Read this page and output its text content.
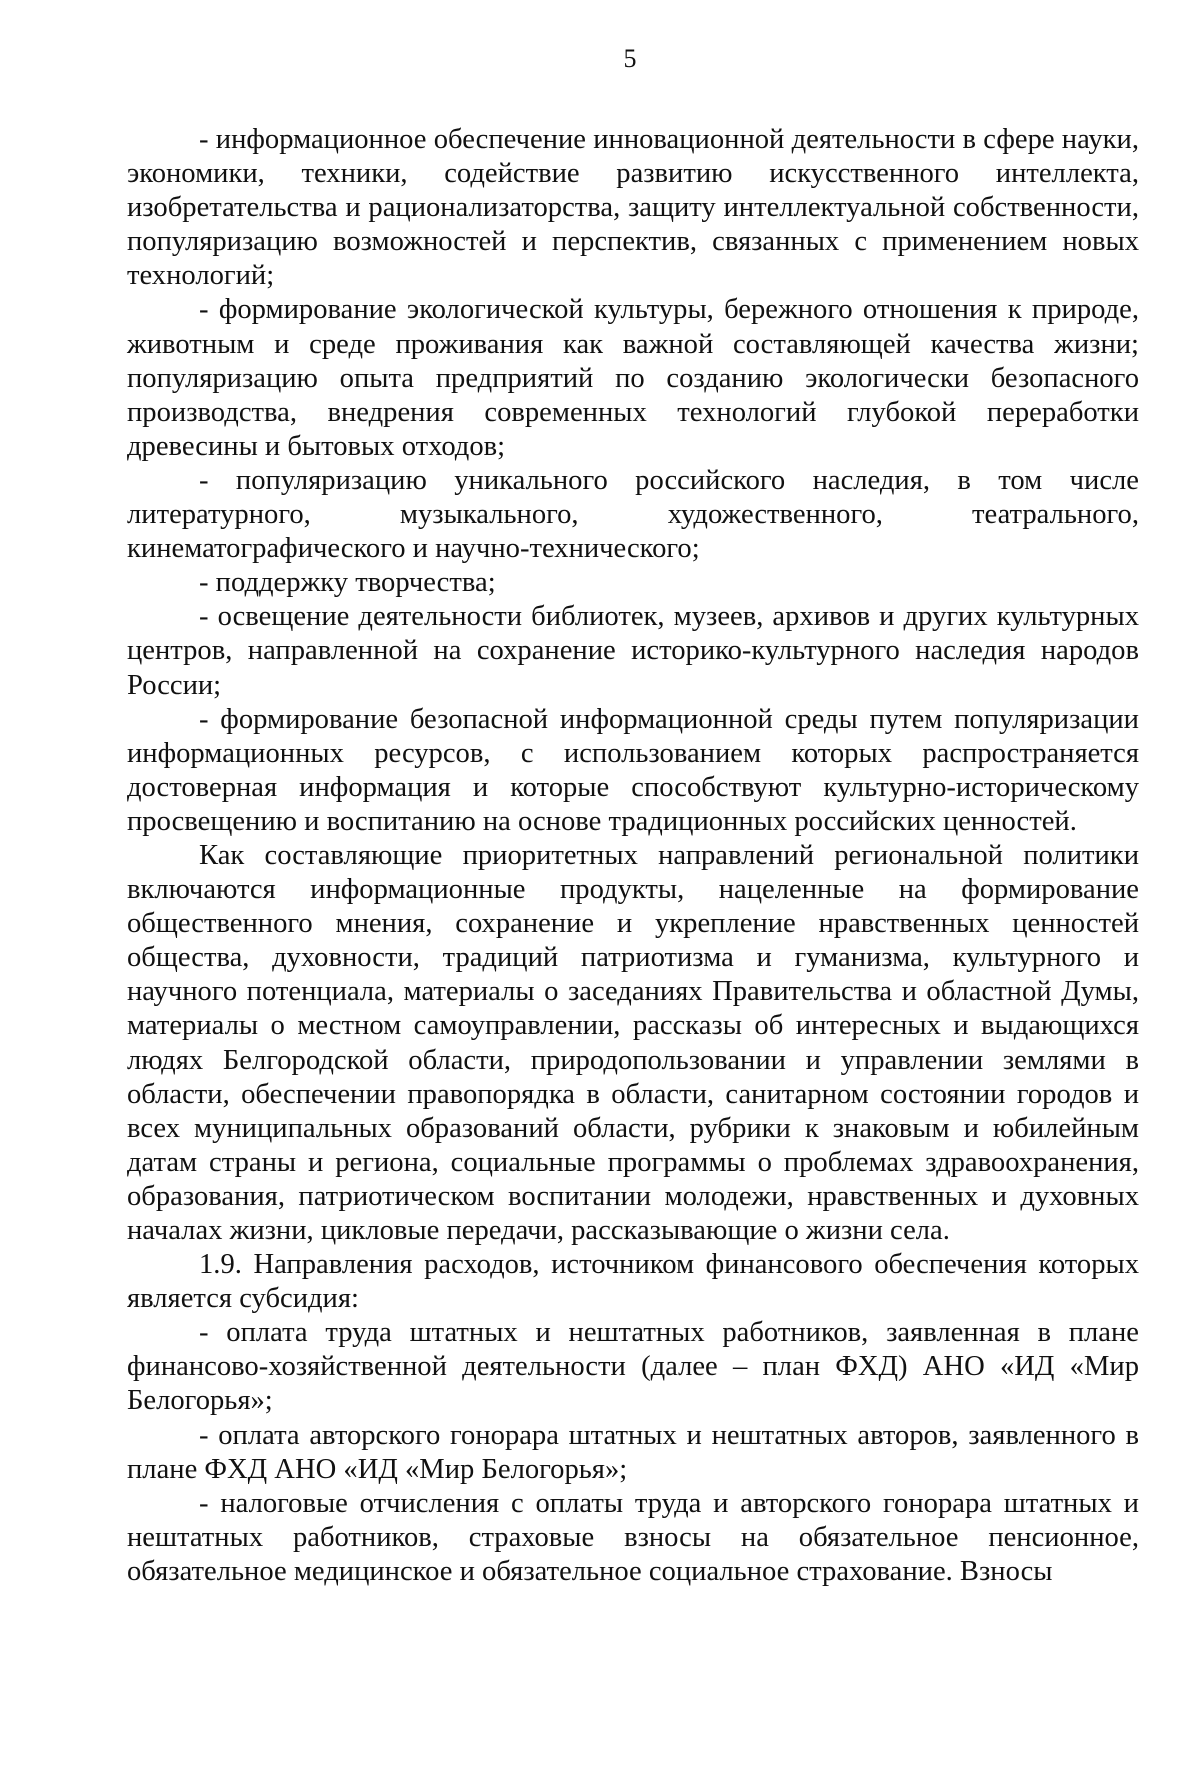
5

- информационное обеспечение инновационной деятельности в сфере науки, экономики, техники, содействие развитию искусственного интеллекта, изобретательства и рационализаторства, защиту интеллектуальной собственности, популяризацию возможностей и перспектив, связанных с применением новых технологий;

- формирование экологической культуры, бережного отношения к природе, животным и среде проживания как важной составляющей качества жизни; популяризацию опыта предприятий по созданию экологически безопасного производства, внедрения современных технологий глубокой переработки древесины и бытовых отходов;

- популяризацию уникального российского наследия, в том числе литературного, музыкального, художественного, театрального, кинематографического и научно-технического;

- поддержку творчества;

- освещение деятельности библиотек, музеев, архивов и других культурных центров, направленной на сохранение историко-культурного наследия народов России;

- формирование безопасной информационной среды путем популяризации информационных ресурсов, с использованием которых распространяется достоверная информация и которые способствуют культурно-историческому просвещению и воспитанию на основе традиционных российских ценностей.

Как составляющие приоритетных направлений региональной политики включаются информационные продукты, нацеленные на формирование общественного мнения, сохранение и укрепление нравственных ценностей общества, духовности, традиций патриотизма и гуманизма, культурного и научного потенциала, материалы о заседаниях Правительства и областной Думы, материалы о местном самоуправлении, рассказы об интересных и выдающихся людях Белгородской области, природопользовании и управлении землями в области, обеспечении правопорядка в области, санитарном состоянии городов и всех муниципальных образований области, рубрики к знаковым и юбилейным датам страны и региона, социальные программы о проблемах здравоохранения, образования, патриотическом воспитании молодежи, нравственных и духовных началах жизни, цикловые передачи, рассказывающие о жизни села.

1.9. Направления расходов, источником финансового обеспечения которых является субсидия:

- оплата труда штатных и нештатных работников, заявленная в плане финансово-хозяйственной деятельности (далее – план ФХД) АНО «ИД «Мир Белогорья»;

- оплата авторского гонорара штатных и нештатных авторов, заявленного в плане ФХД АНО «ИД «Мир Белогорья»;

- налоговые отчисления с оплаты труда и авторского гонорара штатных и нештатных работников, страховые взносы на обязательное пенсионное, обязательное медицинское и обязательное социальное страхование. Взносы
